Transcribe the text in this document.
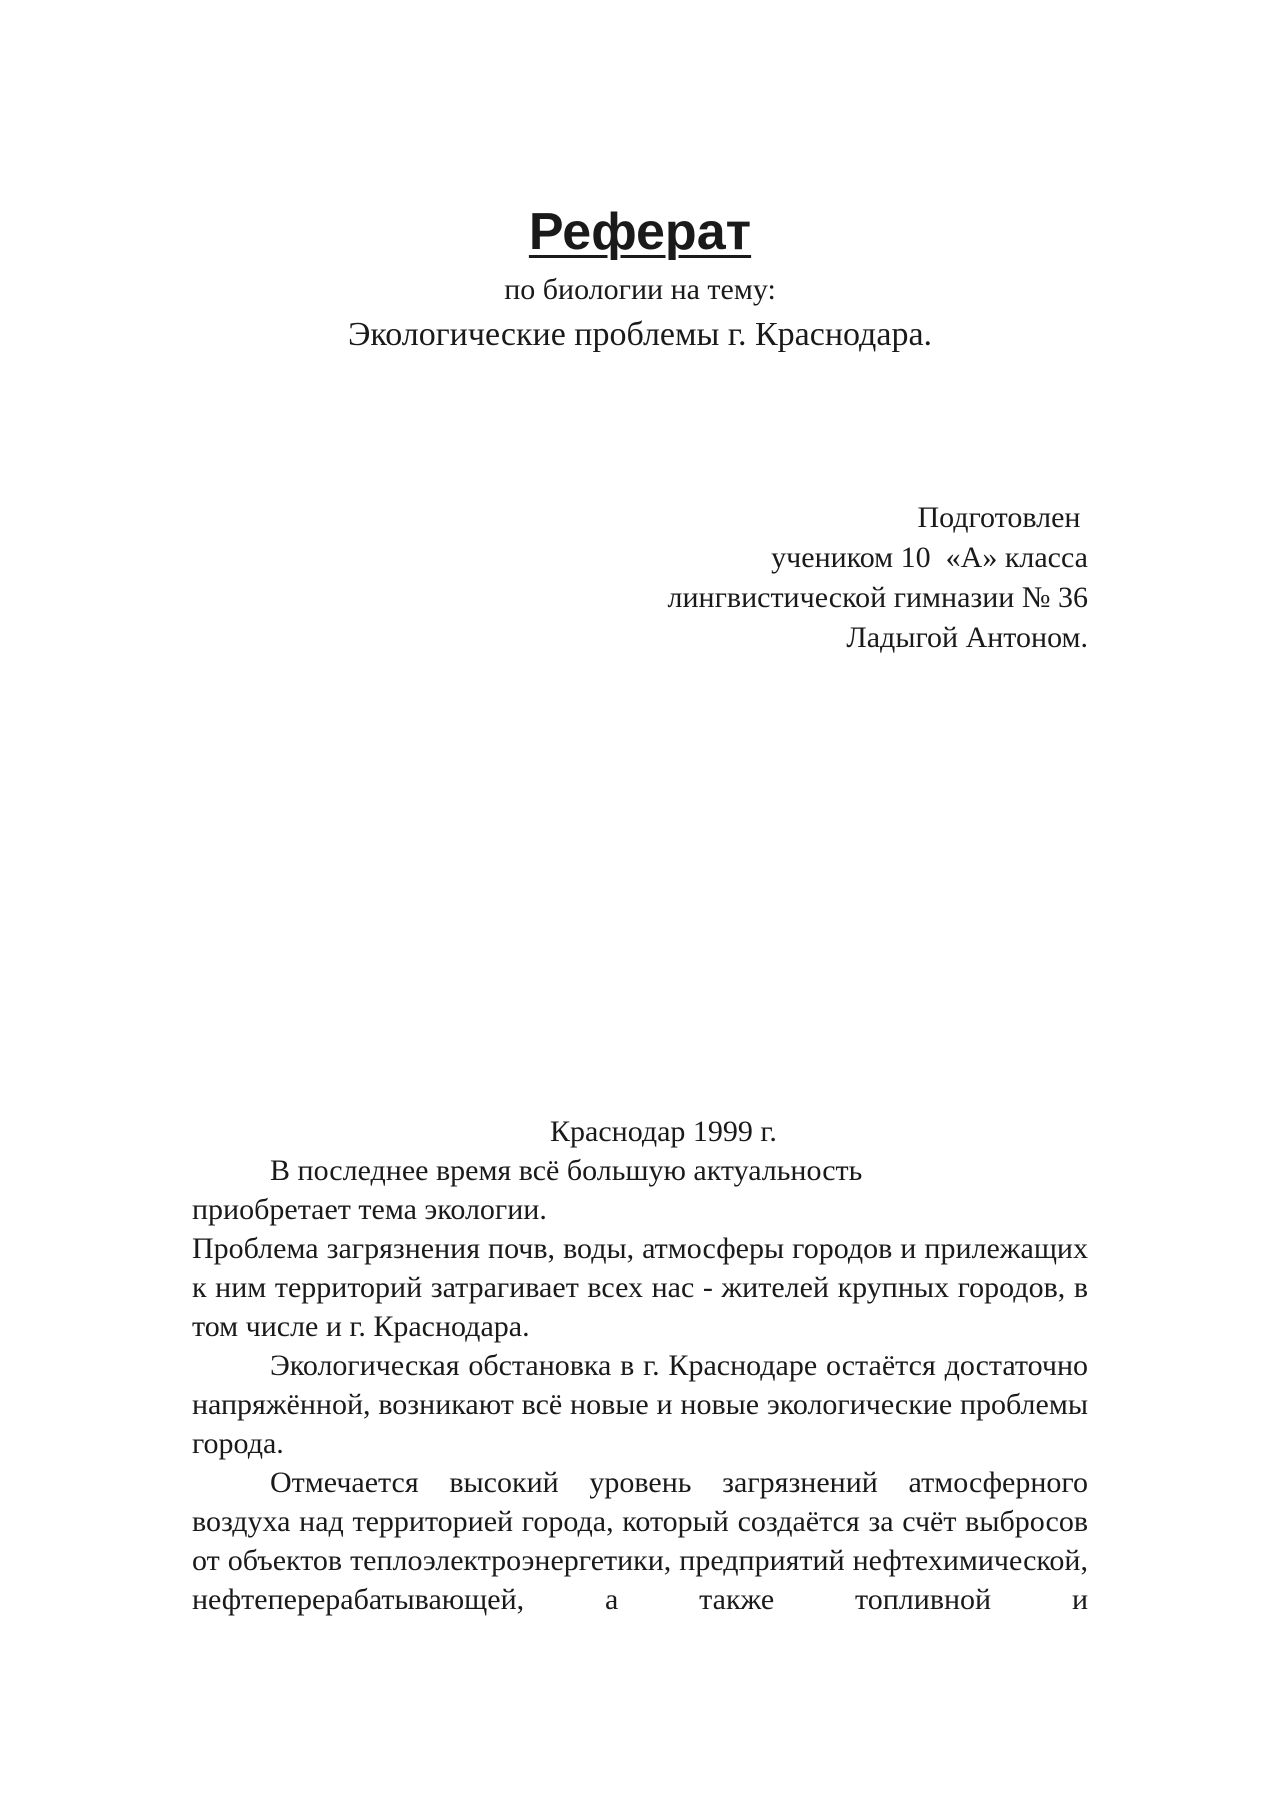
Реферат

по биологии на тему:

Экологические проблемы г. Краснодара.

Подготовлен
учеником 10  «А» класса
лингвистической гимназии № 36
Ладыгой Антоном.
Краснодар 1999 г.

В последнее время всё большую актуальность приобретает тема экологии.

Проблема загрязнения почв, воды, атмосферы городов и прилежащих к ним территорий затрагивает всех нас - жителей крупных городов, в том числе и г. Краснодара.

Экологическая обстановка в г. Краснодаре остаётся достаточно напряжённой, возникают всё новые и новые экологические проблемы города.

Отмечается высокий уровень загрязнений атмосферного воздуха над территорией города, который создаётся за счёт выбросов от объектов теплоэлектроэнергетики, предприятий нефтехимической, нефтеперерабатывающей, а также топливной и
